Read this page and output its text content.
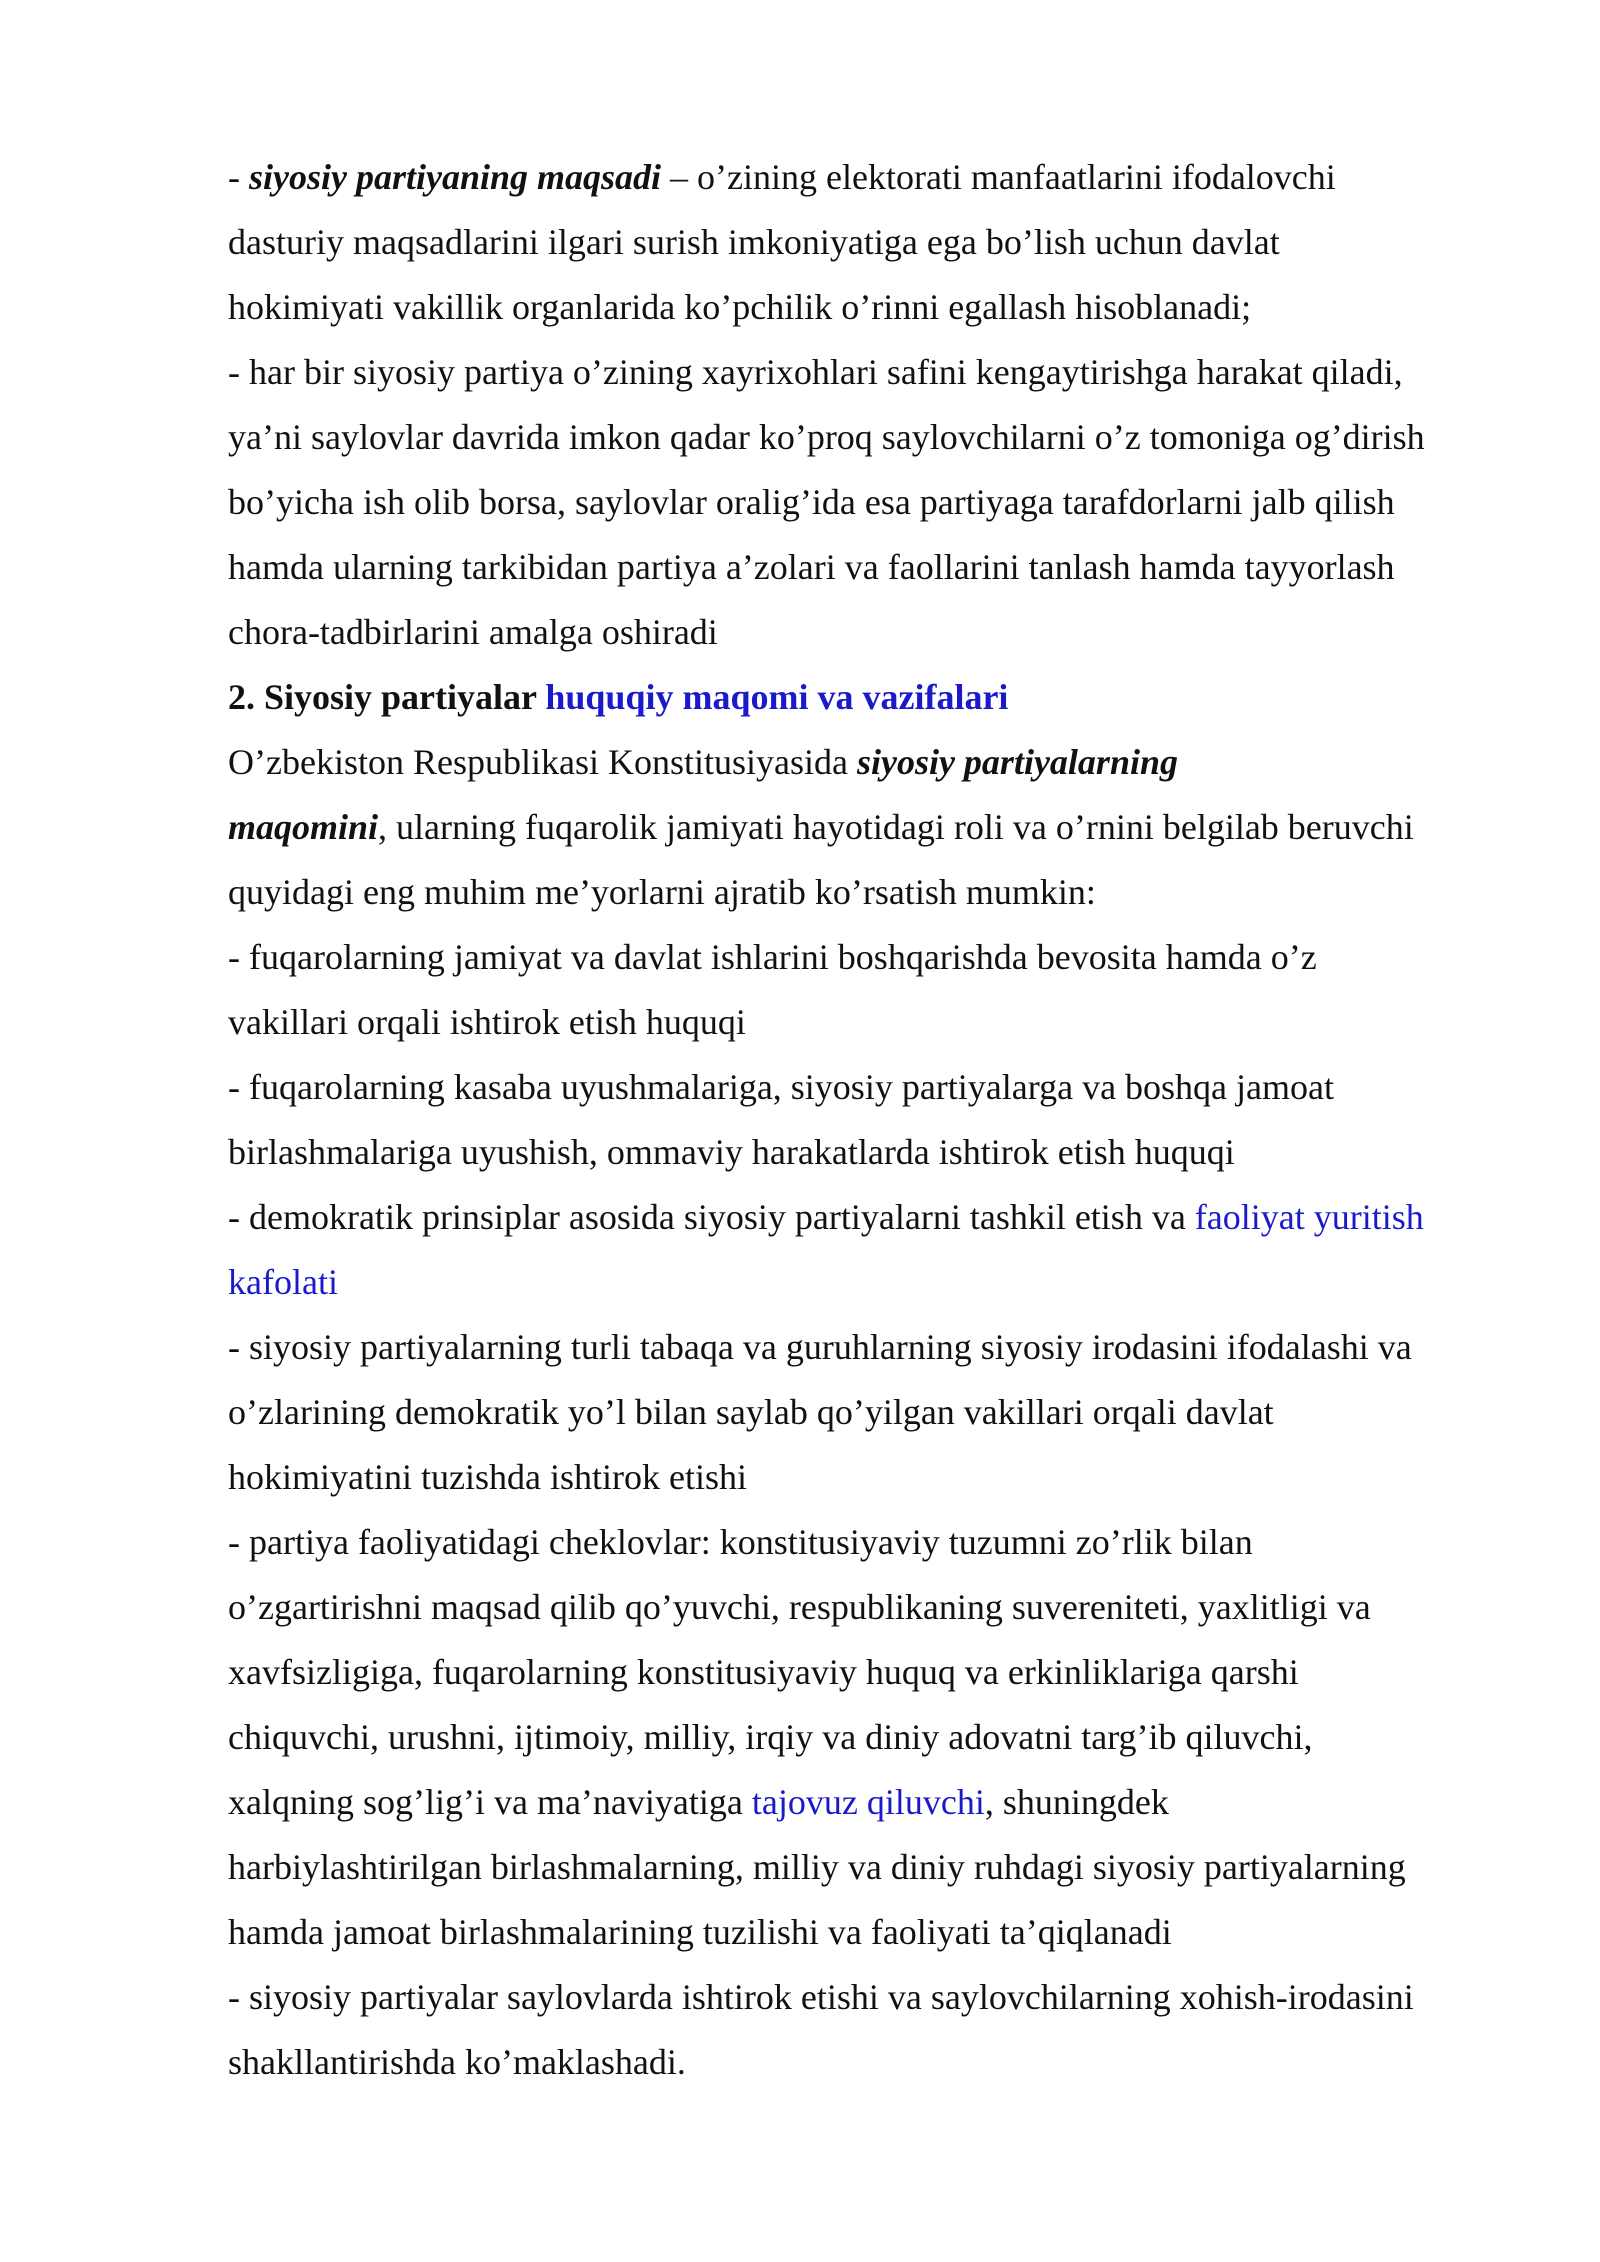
- siyosiy partiyaning maqsadi – o’zining elektorati manfaatlarini ifodalovchi
dasturiy maqsadlarini ilgari surish imkoniyatiga ega bo’lish uchun davlat
hokimiyati vakillik organlarida ko’pchilik o’rinni egallash hisoblanadi;
- har bir siyosiy partiya o’zining xayrixohlari safini kengaytirishga harakat qiladi,
ya’ni saylovlar davrida imkon qadar ko’proq saylovchilarni o’z tomoniga og’dirish
bo’yicha ish olib borsa, saylovlar oralig’ida esa partiyaga tarafdorlarni jalb qilish
hamda ularning tarkibidan partiya a’zolari va faollarini tanlash hamda tayyorlash
chora-tadbirlarini amalga oshiradi
2. Siyosiy partiyalar huquqiy maqomi va vazifalari
O’zbekiston Respublikasi Konstitusiyasida siyosiy partiyalarning
maqomini, ularning fuqarolik jamiyati hayotidagi roli va o’rnini belgilab beruvchi
quyidagi eng muhim me’yorlarni ajratib ko’rsatish mumkin:
- fuqarolarning jamiyat va davlat ishlarini boshqarishda bevosita hamda o’z
vakillari orqali ishtirok etish huquqi
- fuqarolarning kasaba uyushmalariga, siyosiy partiyalarga va boshqa jamoat
birlashmalariga uyushish, ommaviy harakatlarda ishtirok etish huquqi
- demokratik prinsiplar asosida siyosiy partiyalarni tashkil etish va faoliyat yuritish
kafolati
- siyosiy partiyalarning turli tabaqa va guruhlarning siyosiy irodasini ifodalashi va
o’zlarining demokratik yo’l bilan saylab qo’yilgan vakillari orqali davlat
hokimiyatini tuzishda ishtirok etishi
- partiya faoliyatidagi cheklovlar: konstitusiyaviy tuzumni zo’rlik bilan
o’zgartirishni maqsad qilib qo’yuvchi, respublikaning suvereniteti, yaxlitligi va
xavfsizligiga, fuqarolarning konstitusiyaviy huquq va erkinliklariga qarshi
chiquvchi, urushni, ijtimoiy, milliy, irqiy va diniy adovatni targ’ib qiluvchi,
xalqning sog’lig’i va ma’naviyatiga tajovuz qiluvchi, shuningdek
harbiylashtirilgan birlashmalarning, milliy va diniy ruhdagi siyosiy partiyalarning
hamda jamoat birlashmalarining tuzilishi va faoliyati ta’qiqlanadi
- siyosiy partiyalar saylovlarda ishtirok etishi va saylovchilarning xohish-irodasini
shakllantirishda ko’maklashadi.
